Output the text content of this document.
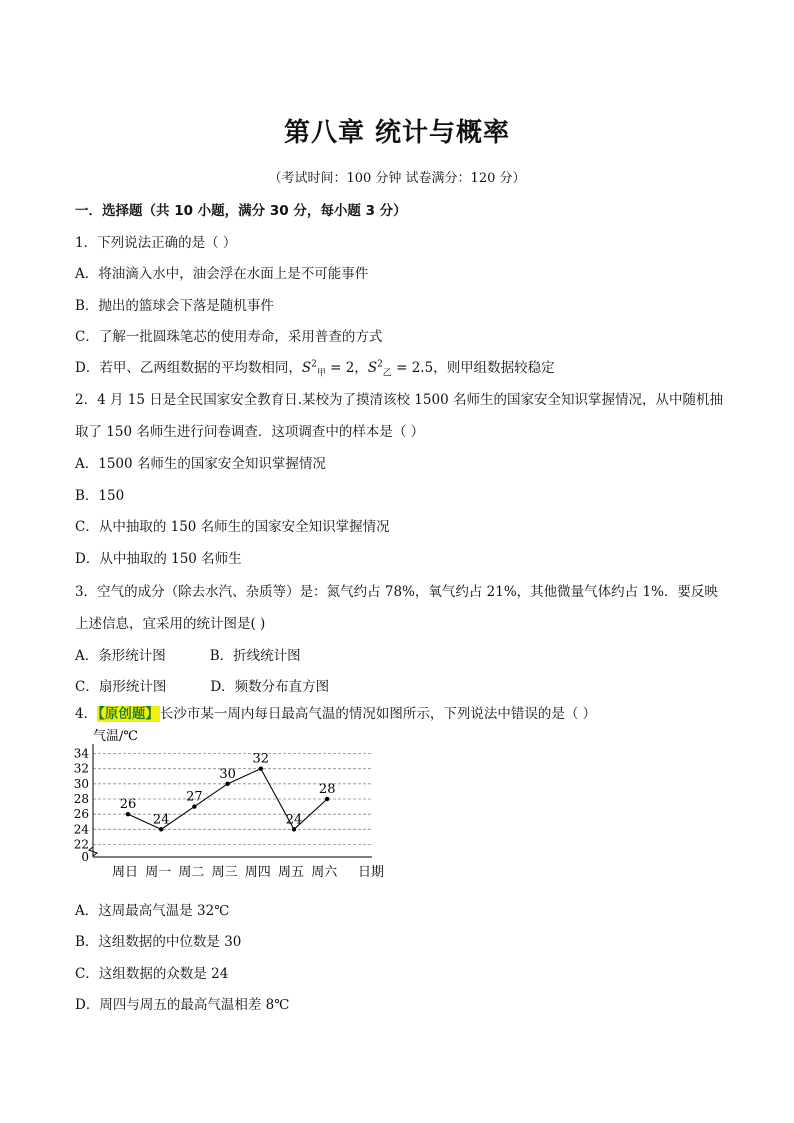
第八章 统计与概率
（考试时间：100 分钟 试卷满分：120 分）
一．选择题（共 10 小题，满分 30 分，每小题 3 分）
1．下列说法正确的是（ ）
A．将油滴入水中，油会浮在水面上是不可能事件
B．抛出的篮球会下落是随机事件
C．了解一批圆珠笔芯的使用寿命，采用普查的方式
D．若甲、乙两组数据的平均数相同，$S^2_甲 = 2$，$S^2_乙 = 2.5$，则甲组数据较稳定
2．4 月 15 日是全民国家安全教育日.某校为了摸清该校 1500 名师生的国家安全知识掌握情况，从中随机抽
取了 150 名师生进行问卷调查．这项调查中的样本是（ ）
A．1500 名师生的国家安全知识掌握情况
B．150
C．从中抽取的 150 名师生的国家安全知识掌握情况
D．从中抽取的 150 名师生
3．空气的成分（除去水汽、杂质等）是：氮气约占 78%，氧气约占 21%，其他微量气体约占 1%．要反映
上述信息，宜采用的统计图是( )
A．条形统计图	B．折线统计图
C．扇形统计图	D．频数分布直方图
4．【原创题】长沙市某一周内每日最高气温的情况如图所示，下列说法中错误的是（ ）
0
22
24
26
28
30
32
34
周日 周一 周二 周三 周四 周五 周六
26
24
27
30
32
24
28
气温/℃
日期
A．这周最高气温是 32℃
B．这组数据的中位数是 30
C．这组数据的众数是 24
D．周四与周五的最高气温相差 8℃
